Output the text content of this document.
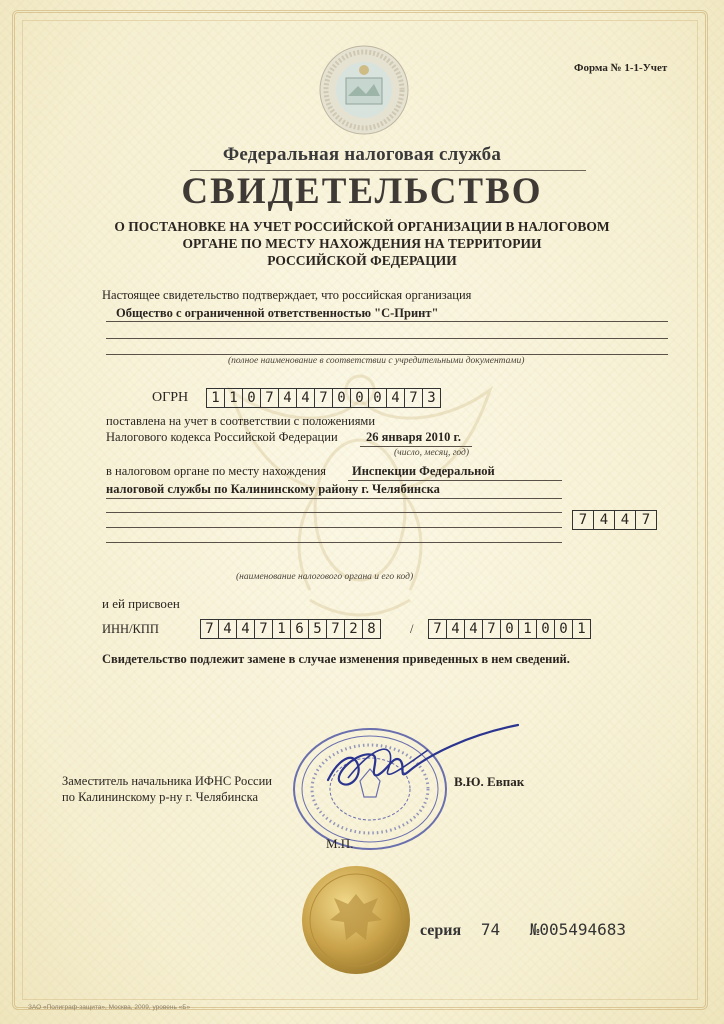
Форма № 1-1-Учет
Федеральная налоговая служба
СВИДЕТЕЛЬСТВО
О ПОСТАНОВКЕ НА УЧЕТ РОССИЙСКОЙ ОРГАНИЗАЦИИ В НАЛОГОВОМ
ОРГАНЕ ПО МЕСТУ НАХОЖДЕНИЯ НА ТЕРРИТОРИИ
РОССИЙСКОЙ ФЕДЕРАЦИИ
Настоящее свидетельство подтверждает, что российская организация
Общество с ограниченной ответственностью "С-Принт"
(полное наименование в соответствии с учредительными документами)
ОГРН	1 1 0 7 4 4 7 0 0 0 4 7 3
поставлена на учет в соответствии с положениями
Налогового кодекса Российской Федерации 26 января 2010 г.
(число, месяц, год)
в налоговом органе по месту нахождения Инспекции Федеральной
налоговой службы по Калининскому району г. Челябинска
7 4 4 7
(наименование налогового органа и его код)
и ей присвоен
ИНН/КПП	7 4 4 7 1 6 5 7 2 8	/	7 4 4 7 0 1 0 0 1
Свидетельство подлежит замене в случае изменения приведенных в нем сведений.
Заместитель начальника ИФНС России
по Калининскому р-ну г. Челябинска
В.Ю. Евпак
М.П.
серия 74 №005494683
ЗАО «Полиграф-защита», Москва, 2009, уровень «Б»
